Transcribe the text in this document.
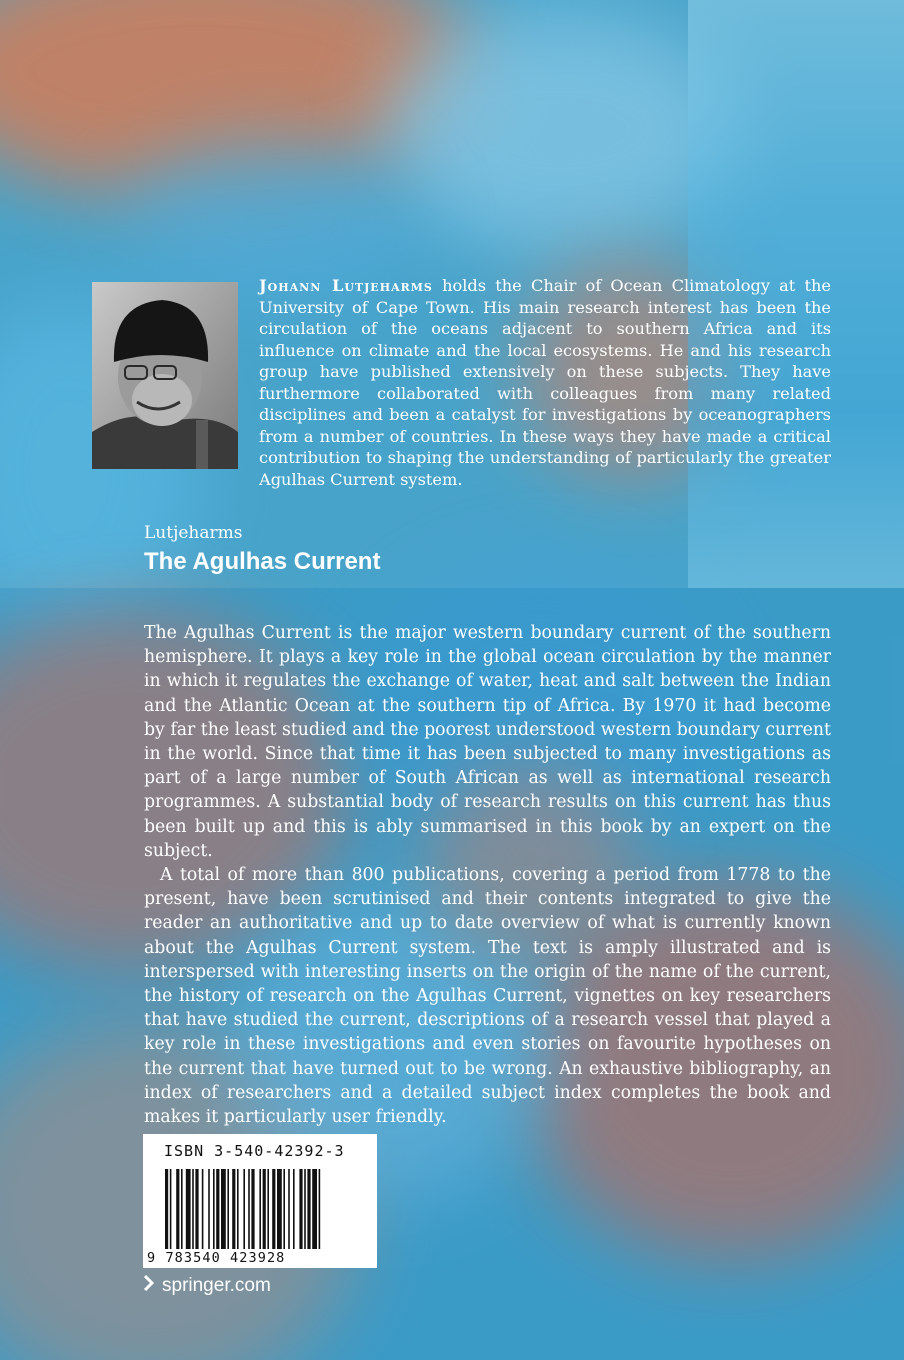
Johann Lutjeharms holds the Chair of Ocean Climatology at the University of Cape Town. His main research interest has been the circulation of the oceans adjacent to southern Africa and its influence on climate and the local ecosystems. He and his research group have published extensively on these subjects. They have furthermore collaborated with colleagues from many related disciplines and been a catalyst for investigations by oceanographers from a number of countries. In these ways they have made a critical contribution to shaping the understanding of particularly the greater Agulhas Current system.
Lutjeharms
The Agulhas Current

The Agulhas Current is the major western boundary current of the southern hemisphere. It plays a key role in the global ocean circulation by the manner in which it regulates the exchange of water, heat and salt between the Indian and the Atlantic Ocean at the southern tip of Africa. By 1970 it had become by far the least studied and the poorest understood western boundary current in the world. Since that time it has been subjected to many investigations as part of a large number of South African as well as international research programmes. A substantial body of research results on this current has thus been built up and this is ably summarised in this book by an expert on the subject.

A total of more than 800 publications, covering a period from 1778 to the present, have been scrutinised and their contents integrated to give the reader an authoritative and up to date overview of what is currently known about the Agulhas Current system. The text is amply illustrated and is interspersed with interesting inserts on the origin of the name of the current, the history of research on the Agulhas Current, vignettes on key researchers that have studied the current, descriptions of a research vessel that played a key role in these investigations and even stories on favourite hypotheses on the current that have turned out to be wrong. An exhaustive bibliography, an index of researchers and a detailed subject index completes the book and makes it particularly user friendly.

ISBN 3-540-42392-3
9 783540 423928
springer.com
